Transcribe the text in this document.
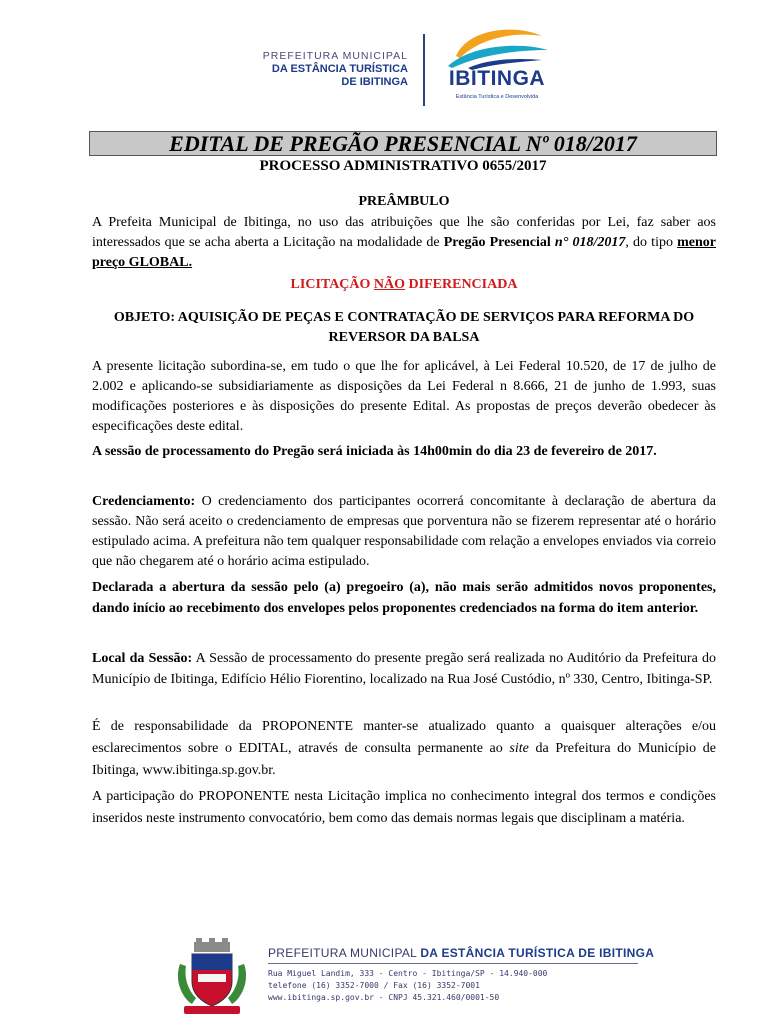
PREFEITURA MUNICIPAL
DA ESTÂNCIA TURÍSTICA
DE IBITINGA	IBITINGA
Estância Turística e Desenvolvida
EDITAL DE PREGÃO PRESENCIAL Nº 018/2017
PROCESSO ADMINISTRATIVO 0655/2017
PREÂMBULO
A Prefeita Municipal de Ibitinga, no uso das atribuições que lhe são conferidas por Lei, faz saber aos interessados que se acha aberta a Licitação na modalidade de Pregão Presencial n° 018/2017, do tipo menor preço GLOBAL.
LICITAÇÃO NÃO DIFERENCIADA
OBJETO: AQUISIÇÃO DE PEÇAS E CONTRATAÇÃO DE SERVIÇOS PARA REFORMA DO REVERSOR DA BALSA
A presente licitação subordina-se, em tudo o que lhe for aplicável, à Lei Federal 10.520, de 17 de julho de 2.002 e aplicando-se subsidiariamente as disposições da Lei Federal n 8.666, 21 de junho de 1.993, suas modificações posteriores e às disposições do presente Edital. As propostas de preços deverão obedecer às especificações deste edital.
A sessão de processamento do Pregão será iniciada às 14h00min do dia 23 de fevereiro de 2017.
Credenciamento: O credenciamento dos participantes ocorrerá concomitante à declaração de abertura da sessão. Não será aceito o credenciamento de empresas que porventura não se fizerem representar até o horário estipulado acima. A prefeitura não tem qualquer responsabilidade com relação a envelopes enviados via correio que não chegarem até o horário acima estipulado.
Declarada a abertura da sessão pelo (a) pregoeiro (a), não mais serão admitidos novos proponentes, dando início ao recebimento dos envelopes pelos proponentes credenciados na forma do item anterior.
Local da Sessão: A Sessão de processamento do presente pregão será realizada no Auditório da Prefeitura do Município de Ibitinga, Edifício Hélio Fiorentino, localizado na Rua José Custódio, nº 330, Centro, Ibitinga-SP.
É de responsabilidade da PROPONENTE manter-se atualizado quanto a quaisquer alterações e/ou esclarecimentos sobre o EDITAL, através de consulta permanente ao site da Prefeitura do Município de Ibitinga, www.ibitinga.sp.gov.br.
A participação do PROPONENTE nesta Licitação implica no conhecimento integral dos termos e condições inseridos neste instrumento convocatório, bem como das demais normas legais que disciplinam a matéria.
PREFEITURA MUNICIPAL DA ESTÂNCIA TURÍSTICA DE IBITINGA
Rua Miguel Landim, 333 - Centro - Ibitinga/SP - 14.940-000
telefone (16) 3352-7000 / Fax (16) 3352-7001
www.ibitinga.sp.gov.br - CNPJ 45.321.460/0001-50
